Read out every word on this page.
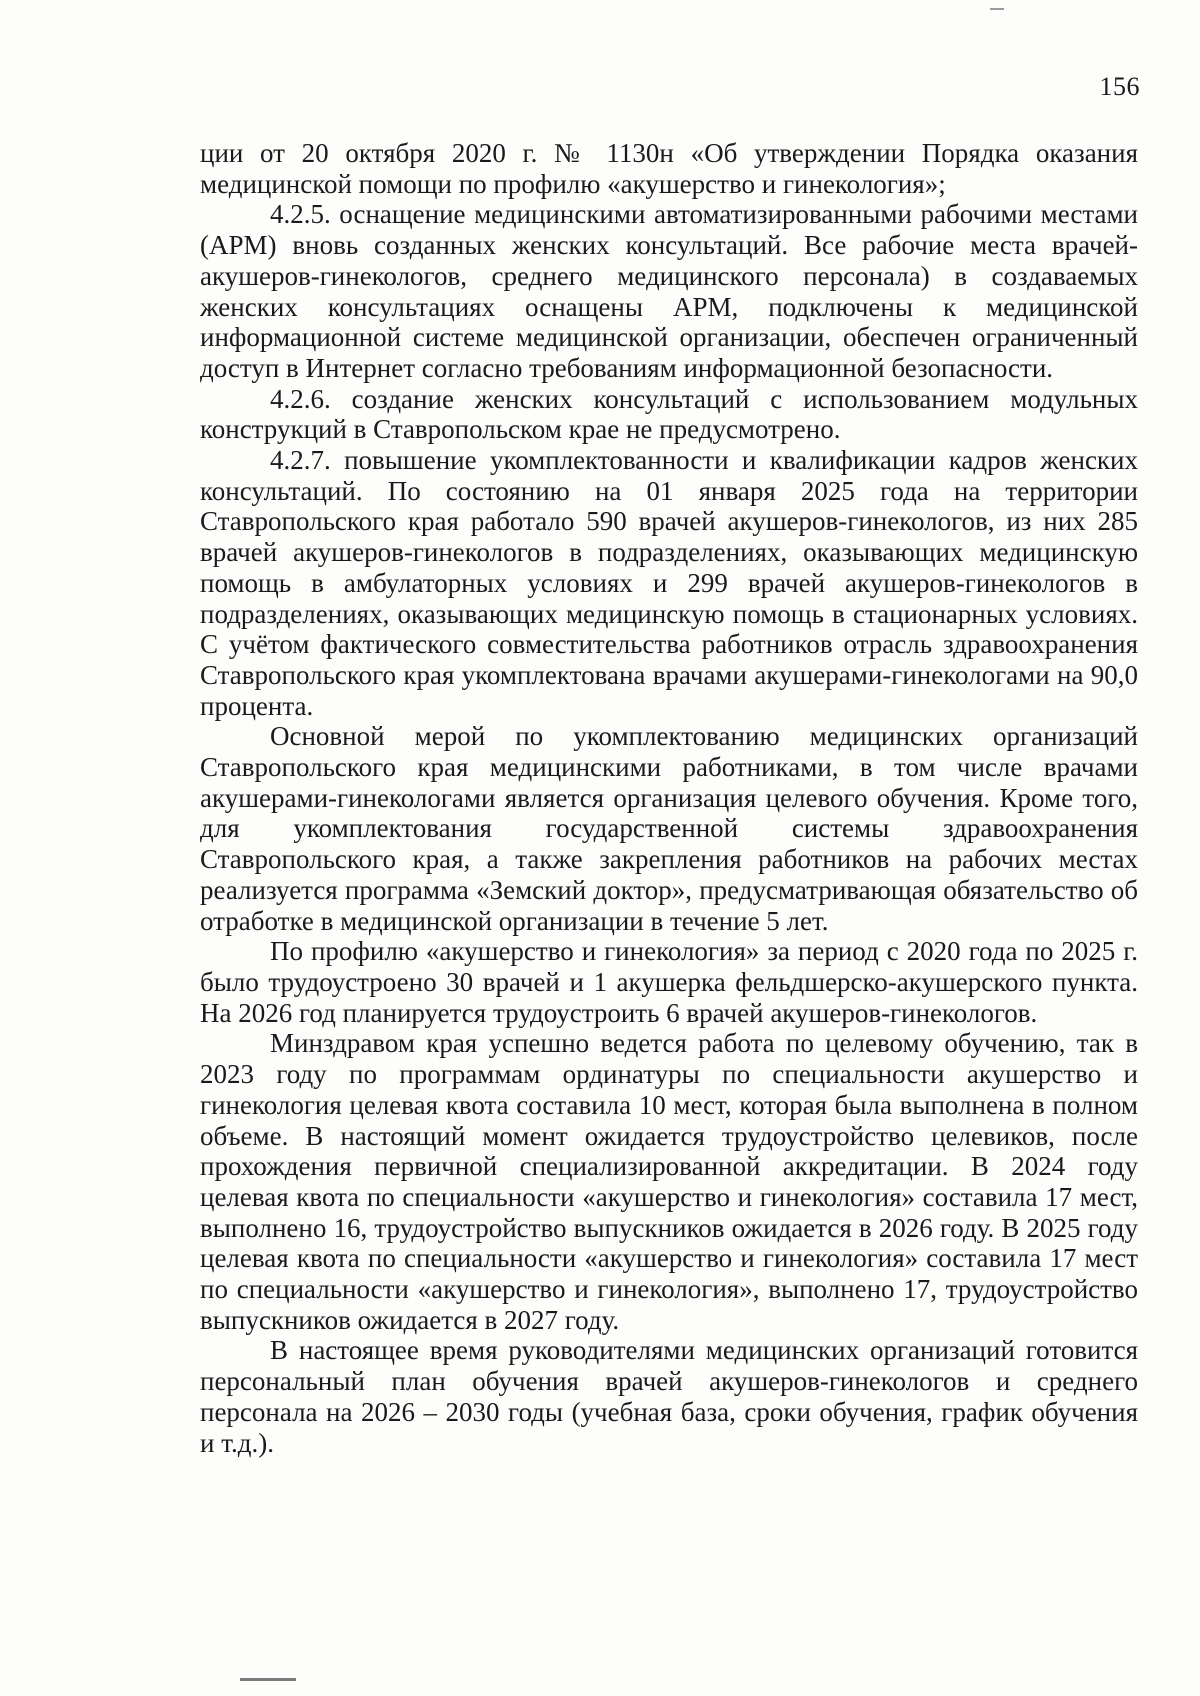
156

ции от 20 октября 2020 г. № 1130н «Об утверждении Порядка оказания медицинской помощи по профилю «акушерство и гинекология»;

4.2.5. оснащение медицинскими автоматизированными рабочими местами (АРМ) вновь созданных женских консультаций. Все рабочие места врачей-акушеров-гинекологов, среднего медицинского персонала) в создаваемых женских консультациях оснащены АРМ, подключены к медицинской информационной системе медицинской организации, обеспечен ограниченный доступ в Интернет согласно требованиям информационной безопасности.

4.2.6. создание женских консультаций с использованием модульных конструкций в Ставропольском крае не предусмотрено.

4.2.7. повышение укомплектованности и квалификации кадров женских консультаций. По состоянию на 01 января 2025 года на территории Ставропольского края работало 590 врачей акушеров-гинекологов, из них 285 врачей акушеров-гинекологов в подразделениях, оказывающих медицинскую помощь в амбулаторных условиях и 299 врачей акушеров-гинекологов в подразделениях, оказывающих медицинскую помощь в стационарных условиях. С учётом фактического совместительства работников отрасль здравоохранения Ставропольского края укомплектована врачами акушерами-гинекологами на 90,0 процента.

Основной мерой по укомплектованию медицинских организаций Ставропольского края медицинскими работниками, в том числе врачами акушерами-гинекологами является организация целевого обучения. Кроме того, для укомплектования государственной системы здравоохранения Ставропольского края, а также закрепления работников на рабочих местах реализуется программа «Земский доктор», предусматривающая обязательство об отработке в медицинской организации в течение 5 лет.

По профилю «акушерство и гинекология» за период с 2020 года по 2025 г. было трудоустроено 30 врачей и 1 акушерка фельдшерско-акушерского пункта. На 2026 год планируется трудоустроить 6 врачей акушеров-гинекологов.

Минздравом края успешно ведется работа по целевому обучению, так в 2023 году по программам ординатуры по специальности акушерство и гинекология целевая квота составила 10 мест, которая была выполнена в полном объеме. В настоящий момент ожидается трудоустройство целевиков, после прохождения первичной специализированной аккредитации. В 2024 году целевая квота по специальности «акушерство и гинекология» составила 17 мест, выполнено 16, трудоустройство выпускников ожидается в 2026 году. В 2025 году целевая квота по специальности «акушерство и гинекология» составила 17 мест по специальности «акушерство и гинекология», выполнено 17, трудоустройство выпускников ожидается в 2027 году.

В настоящее время руководителями медицинских организаций готовится персональный план обучения врачей акушеров-гинекологов и среднего персонала на 2026 – 2030 годы (учебная база, сроки обучения, график обучения и т.д.).
